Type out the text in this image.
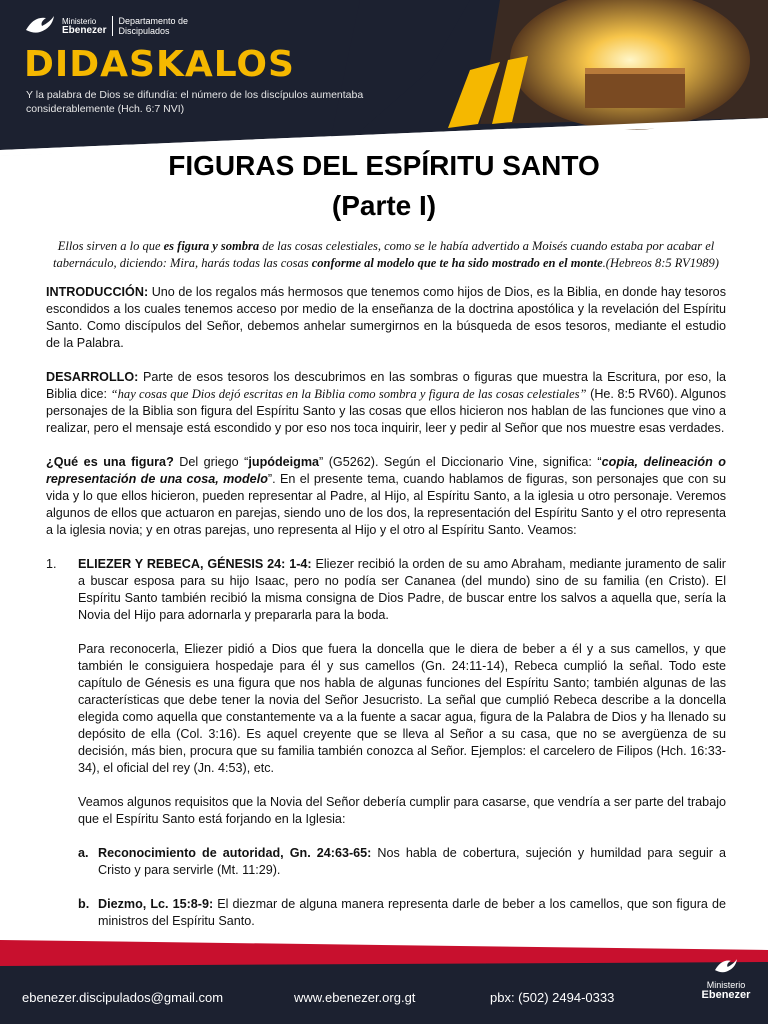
Ministerio
Ebenezer
Departamento de
Discipulados
DIDASKALOS
Y la palabra de Dios se difundía: el número de los discípulos aumentaba considerablemente (Hch. 6:7 NVI)
FIGURAS DEL ESPÍRITU SANTO
(Parte I)
Ellos sirven a lo que es figura y sombra de las cosas celestiales, como se le había advertido a Moisés cuando estaba por acabar el tabernáculo, diciendo: Mira, harás todas las cosas conforme al modelo que te ha sido mostrado en el monte.(Hebreos 8:5 RV1989)

INTRODUCCIÓN: Uno de los regalos más hermosos que tenemos como hijos de Dios, es la Biblia, en donde hay tesoros escondidos a los cuales tenemos acceso por medio de la enseñanza de la doctrina apostólica y la revelación del Espíritu Santo. Como discípulos del Señor, debemos anhelar sumergirnos en la búsqueda de esos tesoros, mediante el estudio de la Palabra.

DESARROLLO: Parte de esos tesoros los descubrimos en las sombras o figuras que muestra la Escritura, por eso, la Biblia dice: “hay cosas que Dios dejó escritas en la Biblia como sombra y figura de las cosas celestiales” (He. 8:5 RV60). Algunos personajes de la Biblia son figura del Espíritu Santo y las cosas que ellos hicieron nos hablan de las funciones que vino a realizar, pero el mensaje está escondido y por eso nos toca inquirir, leer y pedir al Señor que nos muestre esas verdades.

¿Qué es una figura? Del griego “jupódeigma” (G5262). Según el Diccionario Vine, significa: “copia, delineación o representación de una cosa, modelo”. En el presente tema, cuando hablamos de figuras, son personajes que con su vida y lo que ellos hicieron, pueden representar al Padre, al Hijo, al Espíritu Santo, a la iglesia u otro personaje. Veremos algunos de ellos que actuaron en parejas, siendo uno de los dos, la representación del Espíritu Santo y el otro representa a la iglesia novia; y en otras parejas, uno representa al Hijo y el otro al Espíritu Santo. Veamos:

1.	ELIEZER Y REBECA, GÉNESIS 24: 1-4: Eliezer recibió la orden de su amo Abraham, mediante juramento de salir a buscar esposa para su hijo Isaac, pero no podía ser Cananea (del mundo) sino de su familia (en Cristo). El Espíritu Santo también recibió la misma consigna de Dios Padre, de buscar entre los salvos a aquella que, sería la Novia del Hijo para adornarla y prepararla para la boda.

Para reconocerla, Eliezer pidió a Dios que fuera la doncella que le diera de beber a él y a sus camellos, y que también le consiguiera hospedaje para él y sus camellos (Gn. 24:11-14), Rebeca cumplió la señal. Todo este capítulo de Génesis es una figura que nos habla de algunas funciones del Espíritu Santo; también algunas de las características que debe tener la novia del Señor Jesucristo. La señal que cumplió Rebeca describe a la doncella elegida como aquella que constantemente va a la fuente a sacar agua, figura de la Palabra de Dios y ha llenado su depósito de ella (Col. 3:16). Es aquel creyente que se lleva al Señor a su casa, que no se avergüenza de su decisión, más bien, procura que su familia también conozca al Señor. Ejemplos: el carcelero de Filipos (Hch. 16:33-34), el oficial del rey (Jn. 4:53), etc.

Veamos algunos requisitos que la Novia del Señor debería cumplir para casarse, que vendría a ser parte del trabajo que el Espíritu Santo está forjando en la Iglesia:

a. Reconocimiento de autoridad, Gn. 24:63-65: Nos habla de cobertura, sujeción y humildad para seguir a Cristo y para servirle (Mt. 11:29).
b. Diezmo, Lc. 15:8-9: El diezmar de alguna manera representa darle de beber a los camellos, que son figura de ministros del Espíritu Santo.
ebenezer.discipulados@gmail.com	www.ebenezer.org.gt	pbx: (502) 2494-0333
Ministerio
Ebenezer
